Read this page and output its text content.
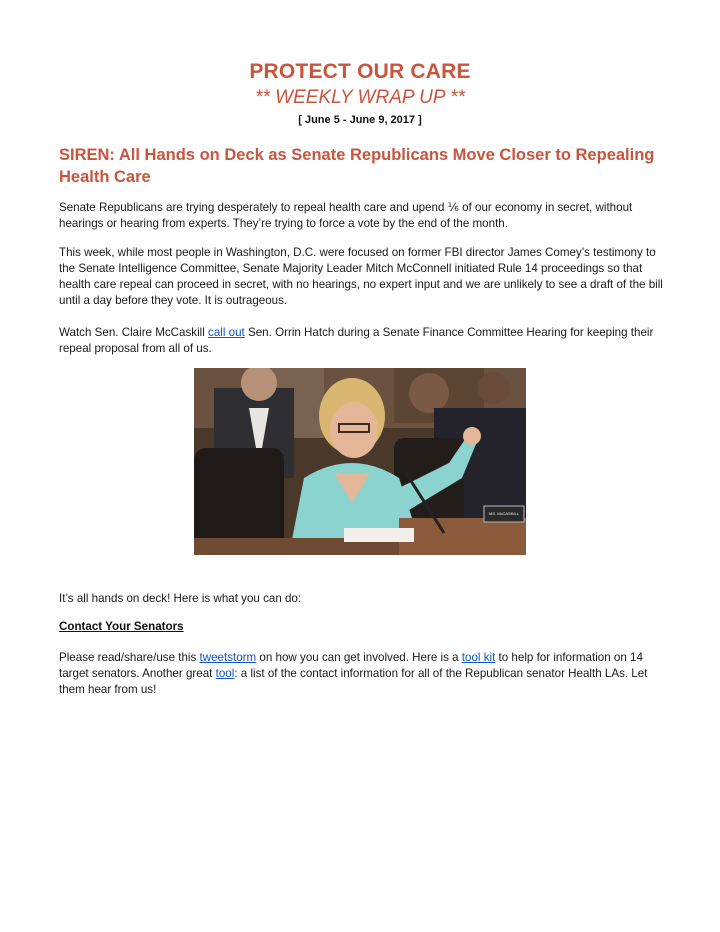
PROTECT OUR CARE
** WEEKLY WRAP UP **
[ June 5 - June 9, 2017 ]
SIREN: All Hands on Deck as Senate Republicans Move Closer to Repealing Health Care
Senate Republicans are trying desperately to repeal health care and upend ⅙ of our economy in secret, without hearings or hearing from experts. They’re trying to force a vote by the end of the month.
This week, while most people in Washington, D.C. were focused on former FBI director James Comey’s testimony to the Senate Intelligence Committee, Senate Majority Leader Mitch McConnell initiated Rule 14 proceedings so that health care repeal can proceed in secret, with no hearings, no expert input and we are unlikely to see a draft of the bill until a day before they vote. It is outrageous.
Watch Sen. Claire McCaskill call out Sen. Orrin Hatch during a Senate Finance Committee Hearing for keeping their repeal proposal from all of us.
MS. McCASKILL
It’s all hands on deck! Here is what you can do:
Contact Your Senators
Please read/share/use this tweetstorm on how you can get involved. Here is a tool kit to help for information on 14 target senators. Another great tool: a list of the contact information for all of the Republican senator Health LAs. Let them hear from us!
